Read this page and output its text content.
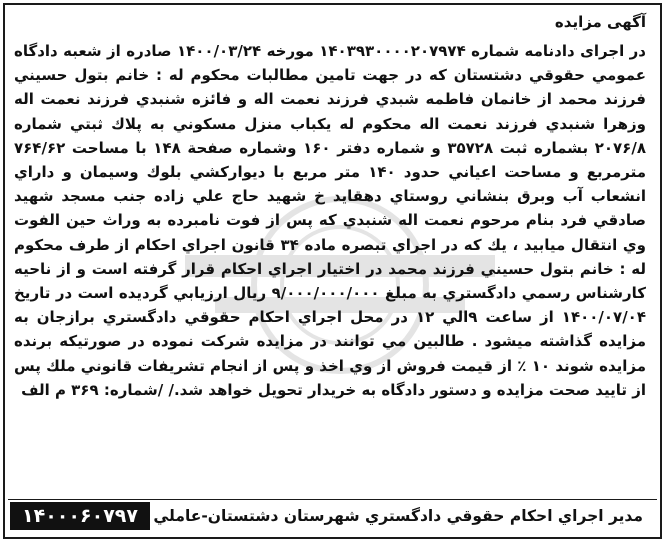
آگهی مزایده
در اجرای دادنامه شماره ۱۴۰۳۹۳۰۰۰۰۲۰۷۹۷۴ مورخه ۱۴۰۰/۰۳/۲۴ صادره از شعبه دادگاه عمومي حقوقي دشتستان كه در جهت تامين مطالبات محكوم له : خانم بتول حسيني فرزند محمد از خانمان فاطمه شبدي فرزند نعمت اله و فائزه شنبدي فرزند نعمت اله وزهرا شنبدي فرزند نعمت اله محكوم له يكباب منزل مسكوني به پلاك ثبتي شماره ۲۰۷۶/۸ بشماره ثبت ۳۵۷۲۸ و شماره دفتر ۱۶۰ وشماره صفحة ۱۴۸ با مساحت ۷۶۴/۶۲ مترمربع و مساحت اعياني حدود ۱۴۰ متر مربع با ديواركشي بلوك وسيمان و داراي انشعاب آب وبرق بنشاني روستاي دهقايد خ شهيد حاج علي زاده جنب مسجد شهيد صادقي فرد بنام مرحوم نعمت اله شنبدي كه پس از فوت نامبرده به وراث حين الفوت وي انتقال ميابيد ، يك كه در اجراي تبصره ماده ۳۴ قانون اجراي احكام از طرف محكوم له : خانم بتول حسيني فرزند محمد در اختيار اجراي احكام قرار گرفته است و از ناحيه كارشناس رسمي دادگستري به مبلغ ۹/۰۰۰/۰۰۰/۰۰۰ ريال ارزيابي گرديده است در تاريخ ۱۴۰۰/۰۷/۰۴ از ساعت ۹الي ۱۲ در محل اجراي احكام حقوقي دادگستري برازجان به مزايده گذاشته ميشود . طالبين مي توانند در مزايده شركت نموده در صورتيكه برنده مزايده شوند ۱۰ ٪ از قيمت فروش از وي اخذ و پس از انجام تشريفات قانوني ملك پس از تاييد صحت مزايده و دستور دادگاه به خريدار تحويل خواهد شد./ /شماره: ۳۶۹ م الف
مدير اجراي احكام حقوقي دادگستري شهرستان دشتستان-عاملي
۱۴۰۰۰۶۰۷۹۷
